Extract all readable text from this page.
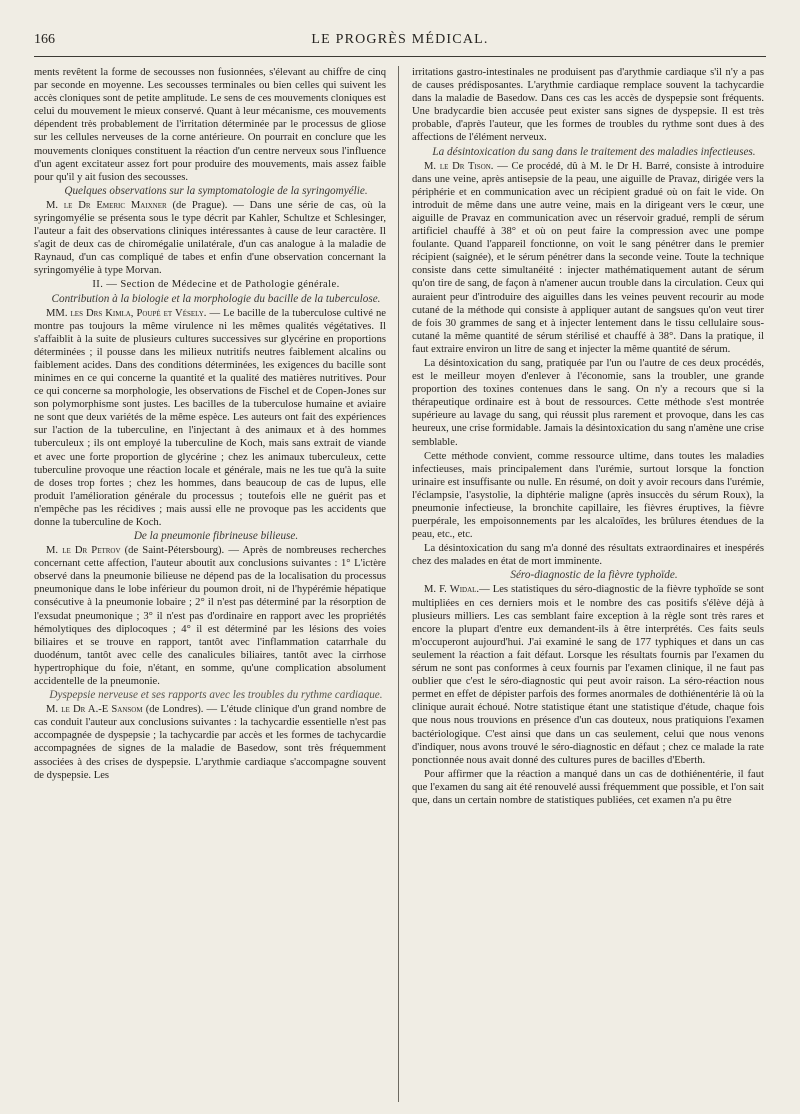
166	LE PROGRÈS MÉDICAL.

ments revêtent la forme de secousses non fusionnées, s'élevant au chiffre de cinq par seconde en moyenne. Les secousses terminales ou bien celles qui suivent les accès cloniques sont de petite amplitude. Le sens de ces mouvements cloniques est celui du mouvement le mieux conservé. Quant à leur mécanisme, ces mouvements dépendent très probablement de l'irritation déterminée par le processus de gliose sur les cellules nerveuses de la corne antérieure. On pourrait en conclure que les mouvements cloniques constituent la réaction d'un centre nerveux sous l'influence d'un agent excitateur assez fort pour produire des mouvements, mais assez faible pour qu'il y ait fusion des secousses.

Quelques observations sur la symptomatologie de la syringomyélie.

M. le Dr Emeric Maixner (de Prague). — Dans une série de cas, où la syringomyélie se présenta sous le type décrit par Kahler, Schultze et Schlesinger, l'auteur a fait des observations cliniques intéressantes à cause de leur caractère. Il s'agit de deux cas de chiromégalie unilatérale, d'un cas analogue à la maladie de Raynaud, d'un cas compliqué de tabes et enfin d'une observation concernant la syringomyélie à type Morvan.

II. — Section de Médecine et de Pathologie générale.

Contribution à la biologie et la morphologie du bacille de la tuberculose.

MM. les Drs Kimla, Poupé et Vésely. — Le bacille de la tuberculose cultivé ne montre pas toujours la même virulence ni les mêmes qualités végétatives. Il s'affaiblit à la suite de plusieurs cultures successives sur glycérine en proportions déterminées ; il pousse dans les milieux nutritifs neutres faiblement alcalins ou faiblement acides. Dans des conditions déterminées, les exigences du bacille sont minimes en ce qui concerne la quantité et la qualité des matières nutritives. Pour ce qui concerne sa morphologie, les observations de Fischel et de Copen-Jones sur son polymorphisme sont justes. Les bacilles de la tuberculose humaine et aviaire ne sont que deux variétés de la même espèce. Les auteurs ont fait des expériences sur l'action de la tuberculine, en l'injectant à des animaux et à des hommes tuberculeux ; ils ont employé la tuberculine de Koch, mais sans extrait de viande et avec une forte proportion de glycérine ; chez les animaux tuberculeux, cette tuberculine provoque une réaction locale et générale, mais ne les tue qu'à la suite de doses trop fortes ; chez les hommes, dans beaucoup de cas de lupus, elle produit l'amélioration générale du processus ; toutefois elle ne guérit pas et n'empêche pas les récidives ; mais aussi elle ne provoque pas les accidents que donne la tuberculine de Koch.

De la pneumonie fibrineuse bilieuse.

M. le Dr Petrov (de Saint-Pétersbourg). — Après de nombreuses recherches concernant cette affection, l'auteur aboutit aux conclusions suivantes : 1° L'ictère observé dans la pneumonie bilieuse ne dépend pas de la localisation du processus pneumonique dans le lobe inférieur du poumon droit, ni de l'hypérémie hépatique consécutive à la pneumonie lobaire ; 2° il n'est pas déterminé par la résorption de l'exsudat pneumonique ; 3° il n'est pas d'ordinaire en rapport avec les propriétés hémolytiques des diplocoques ; 4° il est déterminé par les lésions des voies biliaires et se trouve en rapport, tantôt avec l'inflammation catarrhale du duodénum, tantôt avec celle des canalicules biliaires, tantôt avec la cirrhose hypertrophique du foie, n'étant, en somme, qu'une complication absolument accidentelle de la pneumonie.

Dyspepsie nerveuse et ses rapports avec les troubles du rythme cardiaque.

M. le Dr A.-E Sansom (de Londres). — L'étude clinique d'un grand nombre de cas conduit l'auteur aux conclusions suivantes : la tachycardie essentielle n'est pas accompagnée de dyspepsie ; la tachycardie par accès et les formes de tachycardie accompagnées de signes de la maladie de Basedow, sont très fréquemment associées à des crises de dyspepsie. L'arythmie cardiaque s'accompagne souvent de dyspepsie. Les

irritations gastro-intestinales ne produisent pas d'arythmie cardiaque s'il n'y a pas de causes prédisposantes. L'arythmie cardiaque remplace souvent la tachycardie dans la maladie de Basedow. Dans ces cas les accès de dyspepsie sont fréquents. Une bradycardie bien accusée peut exister sans signes de dyspepsie. Il est très probable, d'après l'auteur, que les formes de troubles du rythme sont dues à des affections de l'élément nerveux.

La désintoxication du sang dans le traitement des maladies infectieuses.

M. le Dr Tison. — Ce procédé, dû à M. le Dr H. Barré, consiste à introduire dans une veine, après antisepsie de la peau, une aiguille de Pravaz, dirigée vers la périphérie et en communication avec un récipient gradué où on fait le vide. On introduit de même dans une autre veine, mais en la dirigeant vers le cœur, une aiguille de Pravaz en communication avec un réservoir gradué, rempli de sérum artificiel chauffé à 38° et où on peut faire la compression avec une pompe foulante. Quand l'appareil fonctionne, on voit le sang pénétrer dans le premier récipient (saignée), et le sérum pénétrer dans la seconde veine. Toute la technique consiste dans cette simultanéité : injecter mathématiquement autant de sérum qu'on tire de sang, de façon à n'amener aucun trouble dans la circulation. Ceux qui auraient peur d'introduire des aiguilles dans les veines peuvent recourir au mode cutané de la méthode qui consiste à appliquer autant de sangsues qu'on veut tirer de fois 30 grammes de sang et à injecter lentement dans le tissu cellulaire sous-cutané la même quantité de sérum stérilisé et chauffé à 38°. Dans la pratique, il faut extraire environ un litre de sang et injecter la même quantité de sérum.

La désintoxication du sang, pratiquée par l'un ou l'autre de ces deux procédés, est le meilleur moyen d'enlever à l'économie, sans la troubler, une grande proportion des toxines contenues dans le sang. On n'y a recours que si la thérapeutique ordinaire est à bout de ressources. Cette méthode s'est montrée supérieure au lavage du sang, qui réussit plus rarement et provoque, dans les cas heureux, une crise formidable. Jamais la désintoxication du sang n'amène une crise semblable.

Cette méthode convient, comme ressource ultime, dans toutes les maladies infectieuses, mais principalement dans l'urémie, surtout lorsque la fonction urinaire est insuffisante ou nulle. En résumé, on doit y avoir recours dans l'urémie, l'éclampsie, l'asystolie, la diphtérie maligne (après insuccès du sérum Roux), la pneumonie infectieuse, la bronchite capillaire, les fièvres éruptives, la fièvre puerpérale, les empoisonnements par les alcaloïdes, les brûlures étendues de la peau, etc., etc.

La désintoxication du sang m'a donné des résultats extraordinaires et inespérés chez des malades en état de mort imminente.

Séro-diagnostic de la fièvre typhoïde.

M. F. Widal.— Les statistiques du séro-diagnostic de la fièvre typhoïde se sont multipliées en ces derniers mois et le nombre des cas positifs s'élève déjà à plusieurs milliers. Les cas semblant faire exception à la règle sont très rares et encore la plupart d'entre eux demandent-ils à être interprétés. Ces faits seuls m'occuperont aujourd'hui. J'ai examiné le sang de 177 typhiques et dans un cas seulement la réaction a fait défaut. Lorsque les résultats fournis par l'examen du sérum ne sont pas conformes à ceux fournis par l'examen clinique, il ne faut pas oublier que c'est le séro-diagnostic qui peut avoir raison. La séro-réaction nous permet en effet de dépister parfois des formes anormales de dothiénentérie là où la clinique aurait échoué. Notre statistique étant une statistique d'étude, chaque fois que nous nous trouvions en présence d'un cas douteux, nous pratiquions l'examen bactériologique. C'est ainsi que dans un cas seulement, celui que nous venons d'indiquer, nous avons trouvé le séro-diagnostic en défaut ; chez ce malade la rate ponctionnée nous avait donné des cultures pures de bacilles d'Eberth.

Pour affirmer que la réaction a manqué dans un cas de dothiénentérie, il faut que l'examen du sang ait été renouvelé aussi fréquemment que possible, et l'on sait que, dans un certain nombre de statistiques publiées, cet examen n'a pu être
